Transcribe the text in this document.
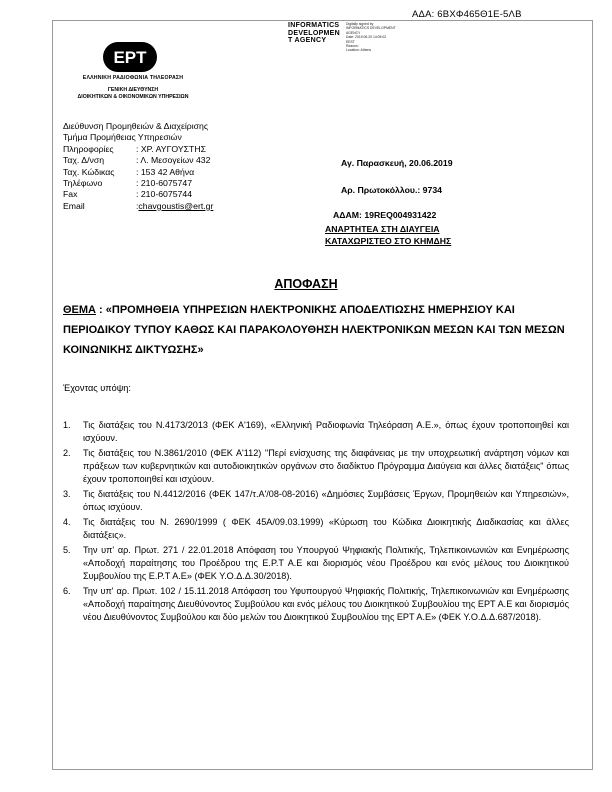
ΑΔΑ: 6ΒΧΦ465Θ1Ε-5ΛΒ
INFORMATICS
DEVELOPMEN
T AGENCY
Digitally signed by
INFORMATICS DEVELOPMENT
AGENCY
Date: 2019.06.20 14:05:02
EEST
Reason:
Location: Athens
EPT
ΕΛΛΗΝΙΚΗ ΡΑΔΙΟΦΩΝΙΑ ΤΗΛΕΟΡΑΣΗ
ΓΕΝΙΚΗ ΔΙΕΥΘΥΝΣΗ
ΔΙΟΙΚΗΤΙΚΩΝ & ΟΙΚΟΝΟΜΙΚΩΝ ΥΠΗΡΕΣΙΩΝ
Διεύθυνση Προμηθειών & Διαχείρισης
Τμήμα Προμήθειας Υπηρεσιών
Πληροφορίες	: ΧΡ. ΑΥΓΟΥΣΤΗΣ
Ταχ. Δ/νση	: Λ. Μεσογείων 432
Ταχ. Κώδικας	: 153 42 Αθήνα
Τηλέφωνο	: 210-6075747
Fax	: 210-6075744
Email	: chavgoustis@ert.gr
Αγ. Παρασκευή, 20.06.2019
Αρ. Πρωτοκόλλου.: 9734
ΑΔΑΜ: 19REQ004931422
ΑΝΑΡΤΗΤΕΑ ΣΤΗ ΔΙΑΥΓΕΙΑ
ΚΑΤΑΧΩΡΙΣΤΕΟ ΣΤΟ ΚΗΜΔΗΣ
ΑΠΟΦΑΣΗ
ΘΕΜΑ : «ΠΡΟΜΗΘΕΙΑ ΥΠΗΡΕΣΙΩΝ ΗΛΕΚΤΡΟΝΙΚΗΣ ΑΠΟΔΕΛΤΙΩΣΗΣ ΗΜΕΡΗΣΙΟΥ ΚΑΙ ΠΕΡΙΟΔΙΚΟΥ ΤΥΠΟΥ ΚΑΘΩΣ ΚΑΙ ΠΑΡΑΚΟΛΟΥΘΗΣΗ ΗΛΕΚΤΡΟΝΙΚΩΝ ΜΕΣΩΝ ΚΑΙ ΤΩΝ ΜΕΣΩΝ ΚΟΙΝΩΝΙΚΗΣ ΔΙΚΤΥΩΣΗΣ»
Έχοντας υπόψη:
1. Τις διατάξεις του Ν.4173/2013 (ΦΕΚ Α'169), «Ελληνική Ραδιοφωνία Τηλεόραση Α.Ε.», όπως έχουν τροποποιηθεί και ισχύουν.
2. Τις διατάξεις του Ν.3861/2010 (ΦΕΚ Α'112) "Περί ενίσχυσης της διαφάνειας με την υποχρεωτική ανάρτηση νόμων και πράξεων των κυβερνητικών και αυτοδιοικητικών οργάνων στο διαδίκτυο Πρόγραμμα Διαύγεια και άλλες διατάξεις" όπως έχουν τροποποιηθεί και ισχύουν.
3. Τις διατάξεις του Ν.4412/2016 (ΦΕΚ 147/τ.Α'/08-08-2016) «Δημόσιες Συμβάσεις Έργων, Προμηθειών και Υπηρεσιών», όπως ισχύουν.
4. Τις διατάξεις του Ν. 2690/1999 ( ΦΕΚ 45Α/09.03.1999) «Κύρωση του Κώδικα Διοικητικής Διαδικασίας και άλλες διατάξεις».
5. Την υπ' αρ. Πρωτ. 271 / 22.01.2018 Απόφαση του Υπουργού Ψηφιακής Πολιτικής, Τηλεπικοινωνιών και Ενημέρωσης «Αποδοχή παραίτησης του Προέδρου της Ε.Ρ.Τ Α.Ε και διορισμός νέου Προέδρου και ενός μέλους του Διοικητικού Συμβουλίου της Ε.Ρ.Τ Α.Ε» (ΦΕΚ Υ.Ο.Δ.Δ.30/2018).
6. Την υπ' αρ. Πρωτ. 102 / 15.11.2018 Απόφαση του Υφυπουργού Ψηφιακής Πολιτικής, Τηλεπικοινωνιών και Ενημέρωσης «Αποδοχή παραίτησης Διευθύνοντος Συμβούλου και ενός μέλους του Διοικητικού Συμβουλίου της ΕΡΤ Α.Ε και διορισμός νέου Διευθύνοντος Συμβούλου και δύο μελών του Διοικητικού Συμβουλίου της ΕΡΤ Α.Ε» (ΦΕΚ Υ.Ο.Δ.Δ.687/2018).
